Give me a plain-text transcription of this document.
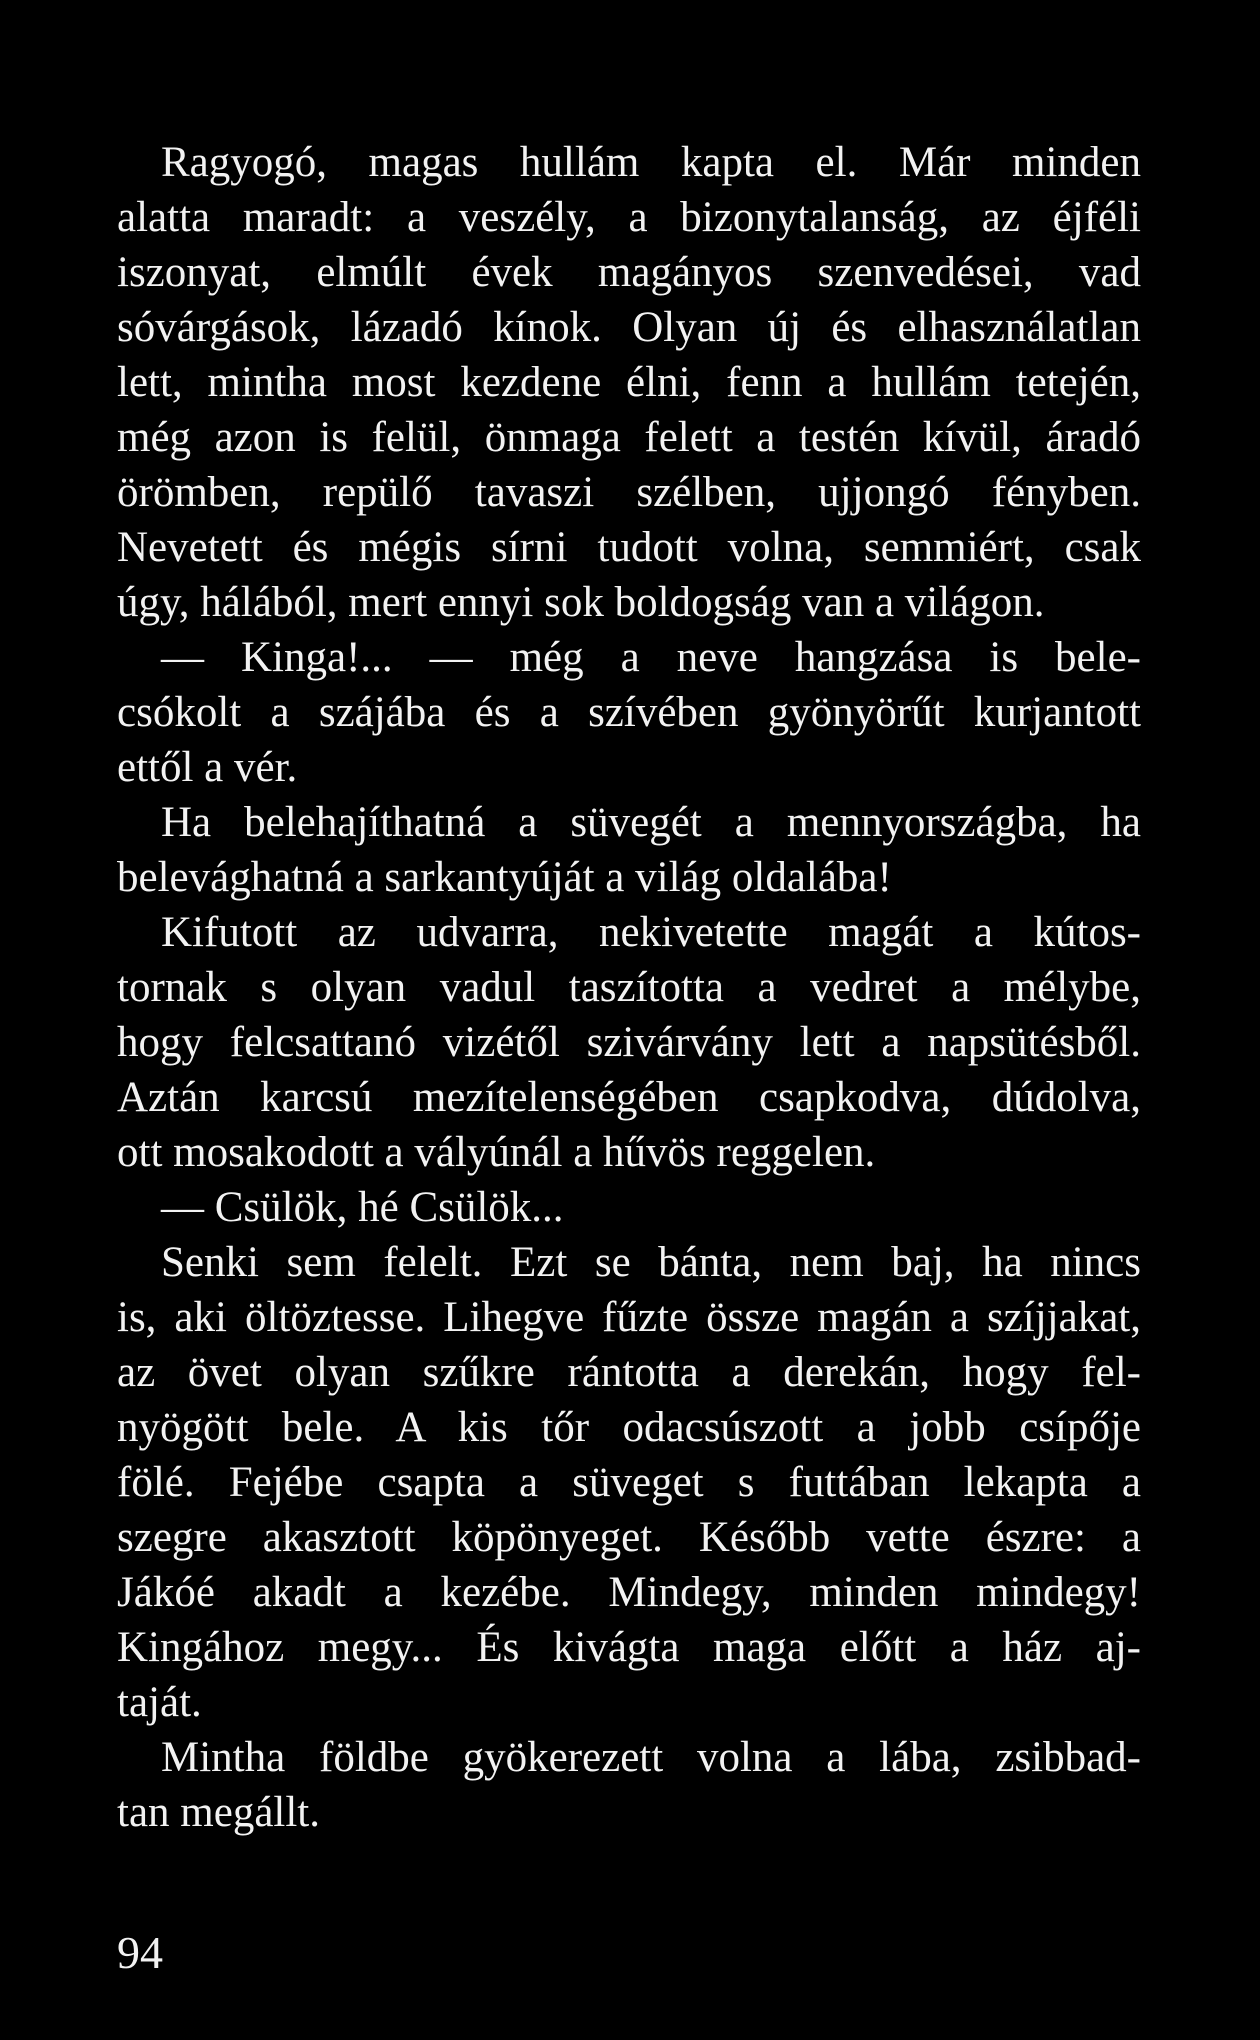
Ragyogó, magas hullám kapta el. Már minden
alatta maradt: a veszély, a bizonytalanság, az éjféli
iszonyat, elmúlt évek magányos szenvedései, vad
sóvárgások, lázadó kínok. Olyan új és elhasználatlan
lett, mintha most kezdene élni, fenn a hullám tetején,
még azon is felül, önmaga felett a testén kívül, áradó
örömben, repülő tavaszi szélben, ujjongó fényben.
Nevetett és mégis sírni tudott volna, semmiért, csak
úgy, hálából, mert ennyi sok boldogság van a világon.
— Kinga!... — még a neve hangzása is bele-
csókolt a szájába és a szívében gyönyörűt kurjantott
ettől a vér.
Ha belehajíthatná a süvegét a mennyországba, ha
belevághatná a sarkantyúját a világ oldalába!
Kifutott az udvarra, nekivetette magát a kútos-
tornak s olyan vadul taszította a vedret a mélybe,
hogy felcsattanó vizétől szivárvány lett a napsütésből.
Aztán karcsú mezítelenségében csapkodva, dúdolva,
ott mosakodott a vályúnál a hűvös reggelen.
— Csülök, hé Csülök...
Senki sem felelt. Ezt se bánta, nem baj, ha nincs
is, aki öltöztesse. Lihegve fűzte össze magán a szíjjakat,
az övet olyan szűkre rántotta a derekán, hogy fel-
nyögött bele. A kis tőr odacsúszott a jobb csípője
fölé. Fejébe csapta a süveget s futtában lekapta a
szegre akasztott köpönyeget. Később vette észre: a
Jákóé akadt a kezébe. Mindegy, minden mindegy!
Kingához megy... És kivágta maga előtt a ház aj-
taját.
Mintha földbe gyökerezett volna a lába, zsibbad-
tan megállt.
94
